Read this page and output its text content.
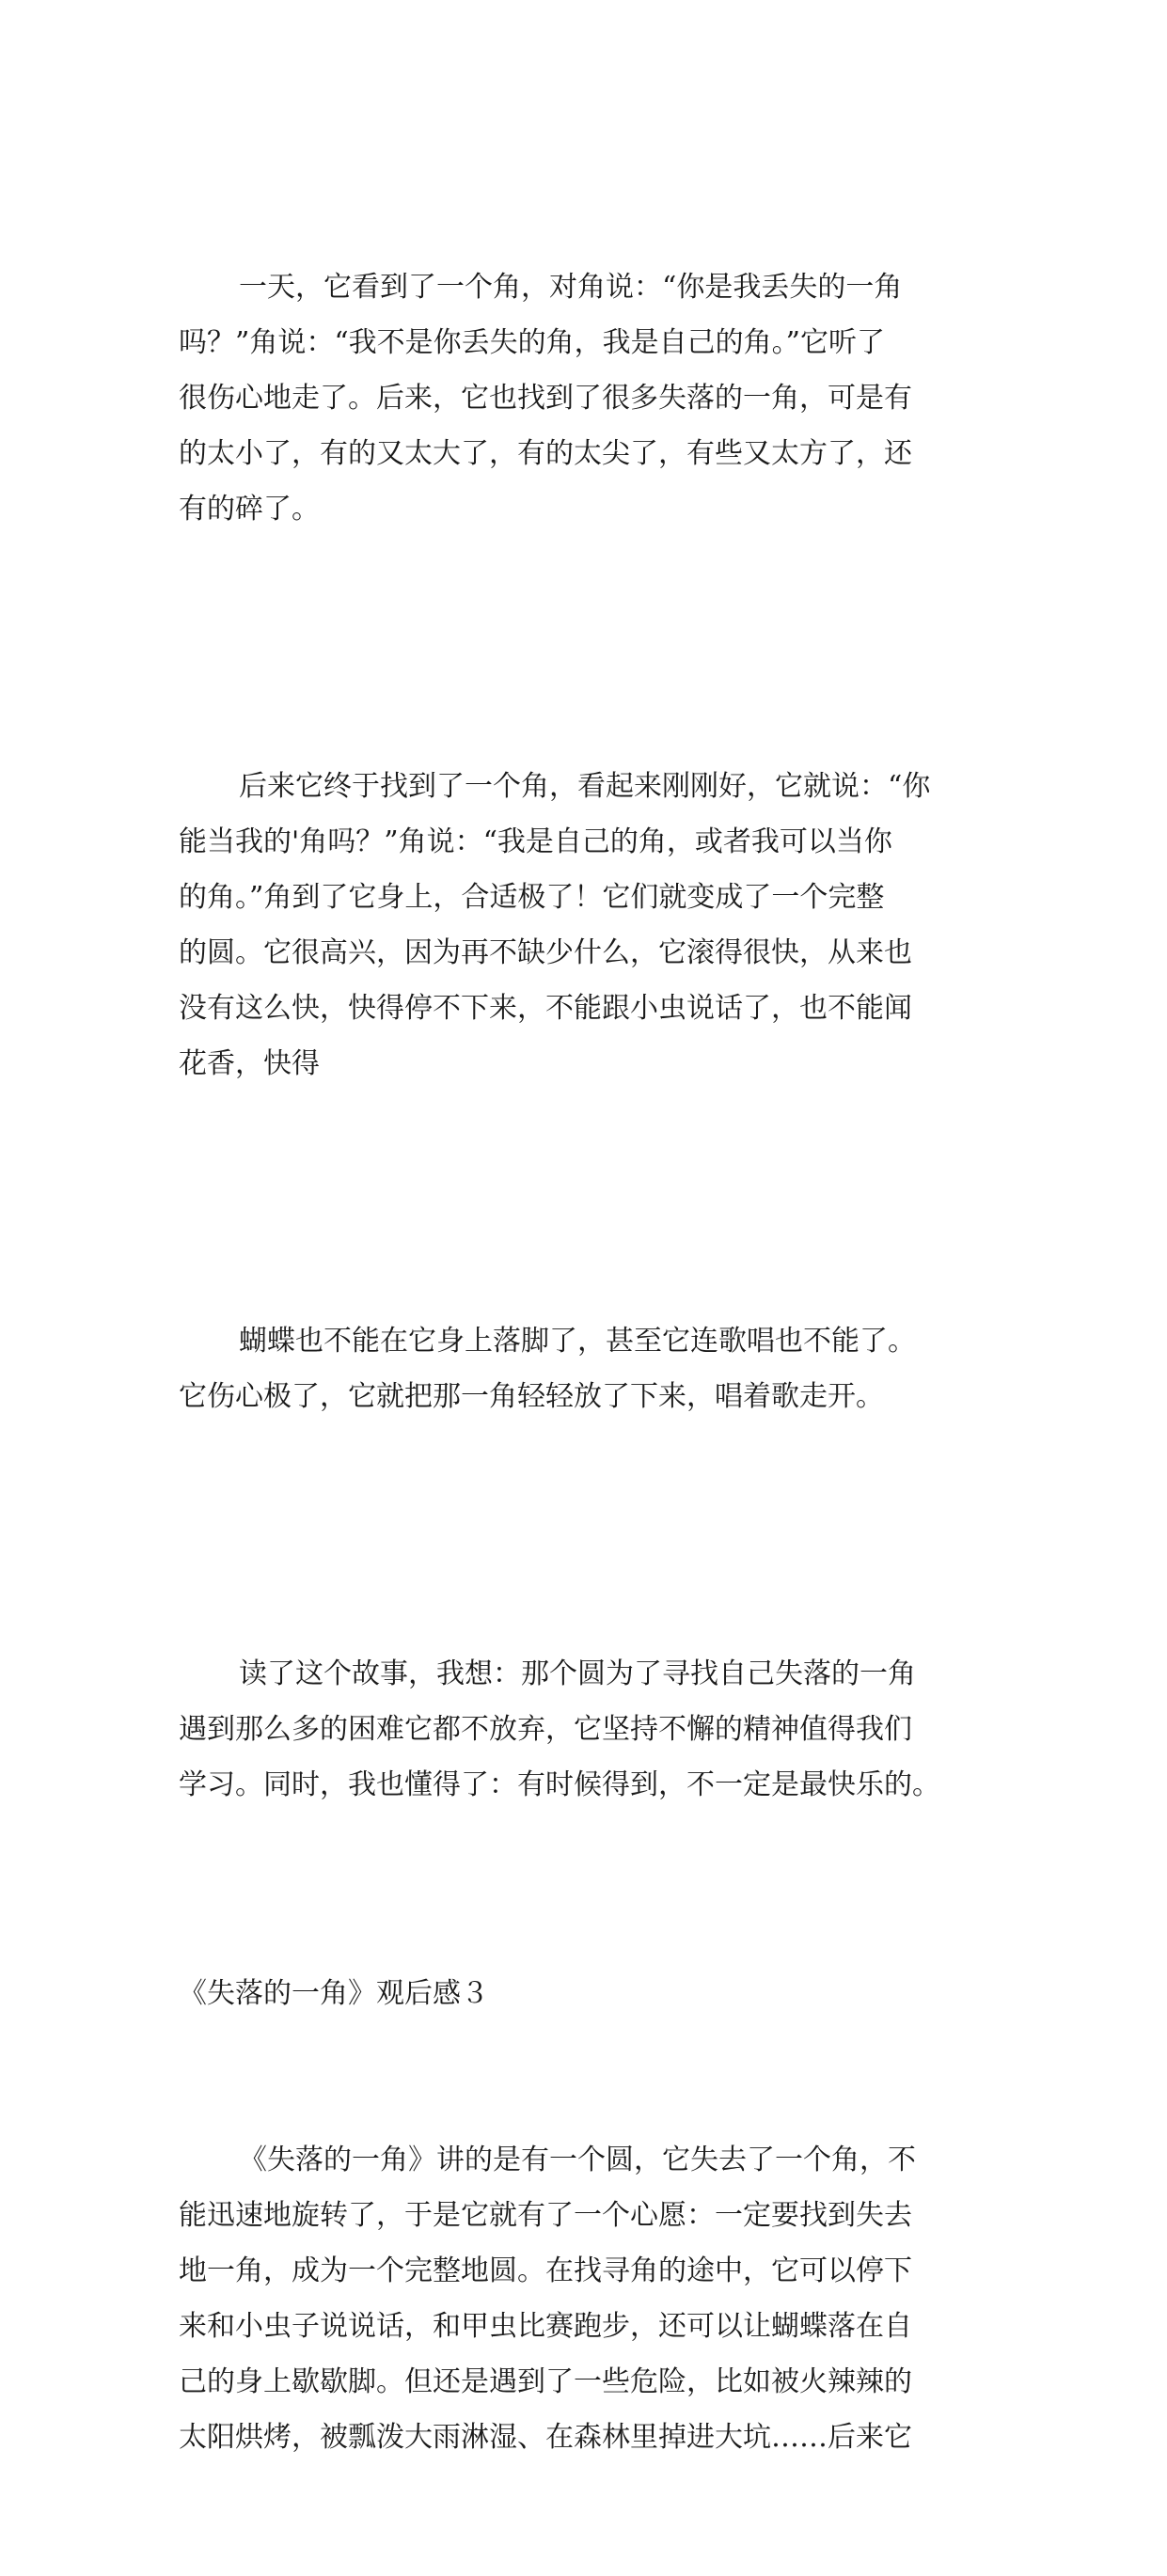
一天，它看到了一个角，对角说：“你是我丢失的一角
吗？”角说：“我不是你丢失的角，我是自己的角。”它听了
很伤心地走了。后来，它也找到了很多失落的一角，可是有
的太小了，有的又太大了，有的太尖了，有些又太方了，还
有的碎了。

后来它终于找到了一个角，看起来刚刚好，它就说：“你
能当我的'角吗？”角说：“我是自己的角，或者我可以当你
的角。”角到了它身上，合适极了！它们就变成了一个完整
的圆。它很高兴，因为再不缺少什么，它滚得很快，从来也
没有这么快，快得停不下来，不能跟小虫说话了，也不能闻
花香，快得

蝴蝶也不能在它身上落脚了，甚至它连歌唱也不能了。
它伤心极了，它就把那一角轻轻放了下来，唱着歌走开。

读了这个故事，我想：那个圆为了寻找自己失落的一角
遇到那么多的困难它都不放弃，它坚持不懈的精神值得我们
学习。同时，我也懂得了：有时候得到，不一定是最快乐的。

《失落的一角》观后感３

《失落的一角》讲的是有一个圆，它失去了一个角，不
能迅速地旋转了，于是它就有了一个心愿：一定要找到失去
地一角，成为一个完整地圆。在找寻角的途中，它可以停下
来和小虫子说说话，和甲虫比赛跑步，还可以让蝴蝶落在自
己的身上歇歇脚。但还是遇到了一些危险，比如被火辣辣的
太阳烘烤，被瓢泼大雨淋湿、在森林里掉进大坑……后来它
